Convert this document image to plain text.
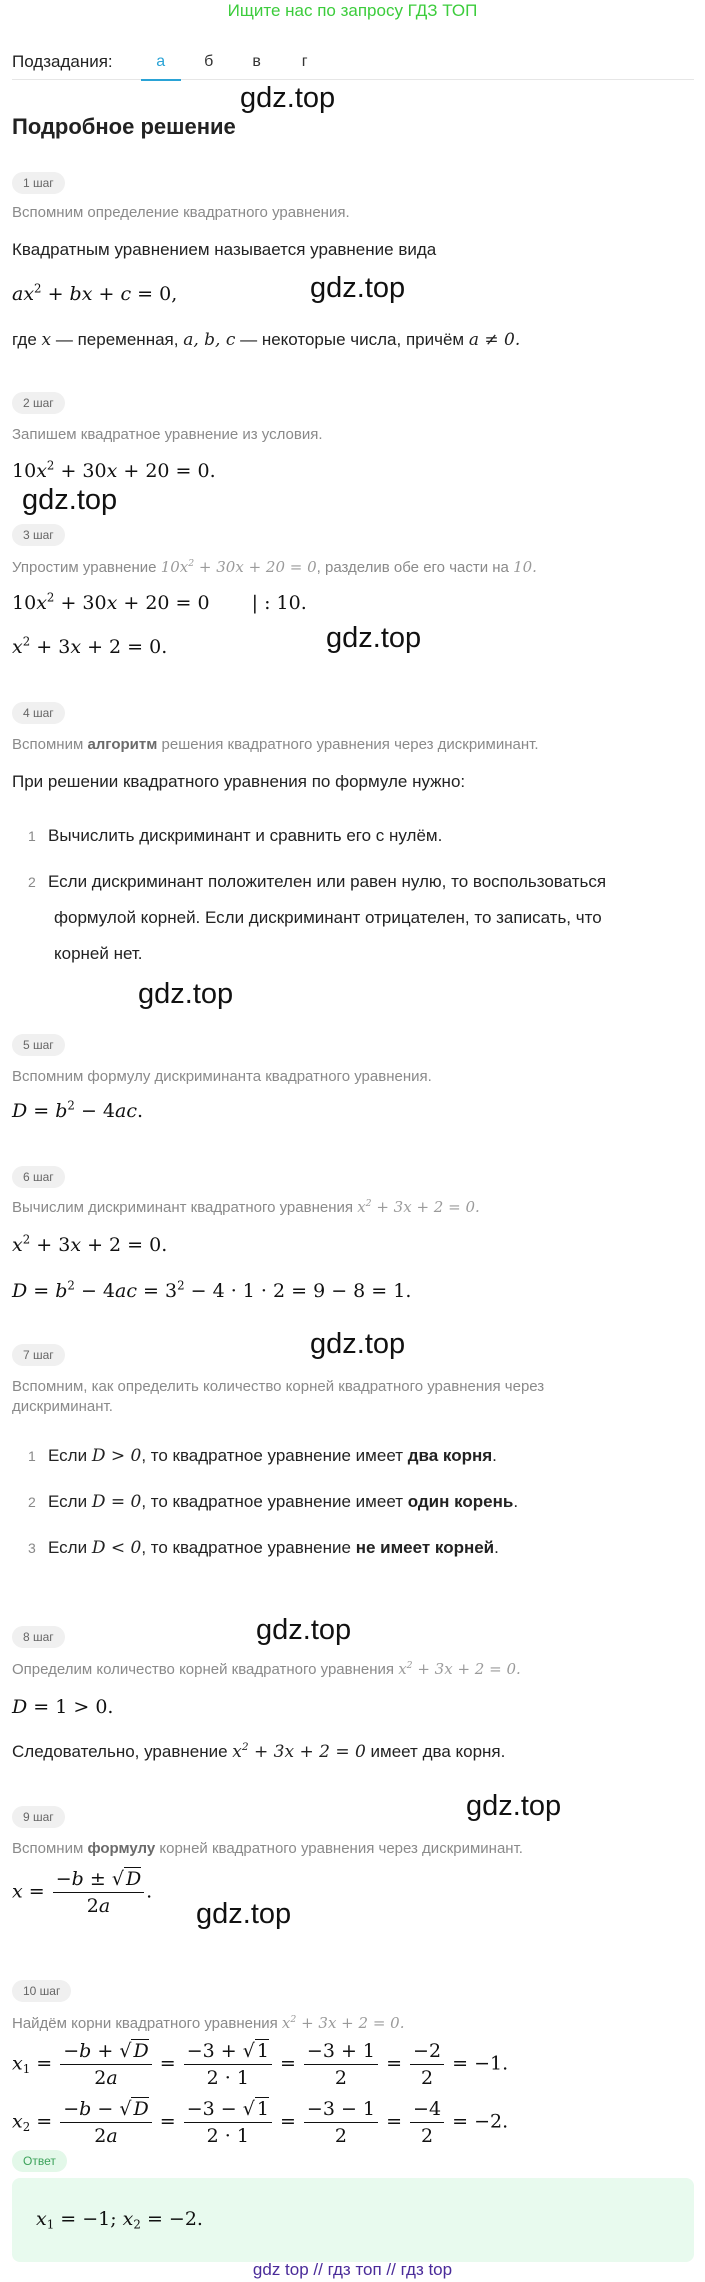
Ищите нас по запросу ГДЗ ТОП
Подзадания:	а	б	в	г
gdz.top
gdz.top
gdz.top
gdz.top
gdz.top
gdz.top
gdz.top
gdz.top
gdz.top
Подробное решение
1 шаг
Вспомним определение квадратного уравнения.
Квадратным уравнением называется уравнение вида
$ax^2$ + bx + c = 0,
где x — переменная, a, b, c — некоторые числа, причём a ≠ 0.
2 шаг
Запишем квадратное уравнение из условия.
$10x^2 + 30x + 20 = 0$.
3 шаг
Упростим уравнение $10x^2 + 30x + 20 = 0$, разделив обе его части на 10.
$10x^2 + 30x + 20 = 0$ | : 10.
$x^2 + 3x + 2 = 0$.
4 шаг
Вспомним алгоритм решения квадратного уравнения через дискриминант.
При решении квадратного уравнения по формуле нужно:
1 Вычислить дискриминант и сравнить его с нулём.
2 Если дискриминант положителен или равен нулю, то воспользоваться
формулой корней. Если дискриминант отрицателен, то записать, что
корней нет.
5 шаг
Вспомним формулу дискриминанта квадратного уравнения.
$D = b^2 - 4ac$.
6 шаг
Вычислим дискриминант квадратного уравнения $x^2 + 3x + 2 = 0$.
$x^2 + 3x + 2 = 0$.
$D = b^2 - 4ac = 3^2 - 4 \cdot 1 \cdot 2 = 9 - 8 = 1$.
7 шаг
Вспомним, как определить количество корней квадратного уравнения через
дискриминант.
1 Если D > 0, то квадратное уравнение имеет два корня.
2 Если D = 0, то квадратное уравнение имеет один корень.
3 Если D < 0, то квадратное уравнение не имеет корней.
8 шаг
Определим количество корней квадратного уравнения $x^2 + 3x + 2 = 0$.
D = 1 > 0.
Следовательно, уравнение $x^2 + 3x + 2 = 0$ имеет два корня.
9 шаг
Вспомним формулу корней квадратного уравнения через дискриминант.
$x = \frac{-b \pm √ D}{2a}$ .
10 шаг
Найдём корни квадратного уравнения $x^2 + 3x + 2 = 0$.
$x_1 = \frac{-b + √ D}{2a} = \frac{-3 + √ 1}{2 \cdot 1} = \frac{-3 + 1}{2} = \frac{-2}{2} = -1$.
$x_2 = \frac{-b - √ D}{2a} = \frac{-3 - √ 1}{2 \cdot 1} = \frac{-3 - 1}{2} = \frac{-4}{2} = -2$.
Ответ
$x_1 = -1$; $x_2 = -2$.
gdz top // гдз топ // гдз top
